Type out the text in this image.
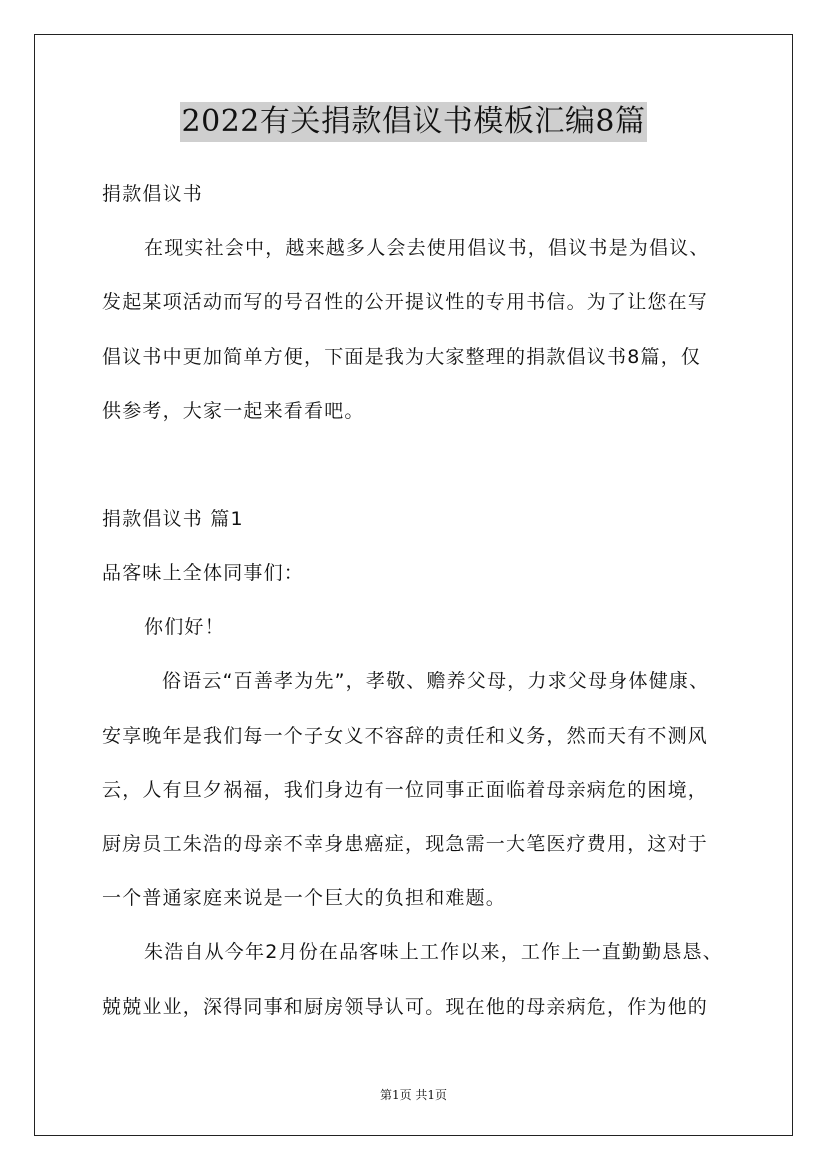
2022有关捐款倡议书模板汇编8篇
捐款倡议书
在现实社会中，越来越多人会去使用倡议书，倡议书是为倡议、
发起某项活动而写的号召性的公开提议性的专用书信。为了让您在写
倡议书中更加简单方便，下面是我为大家整理的捐款倡议书8篇，仅
供参考，大家一起来看看吧。
捐款倡议书 篇1
品客味上全体同事们：
你们好！
俗语云“百善孝为先”，孝敬、赡养父母，力求父母身体健康、
安享晚年是我们每一个子女义不容辞的责任和义务，然而天有不测风
云，人有旦夕祸福，我们身边有一位同事正面临着母亲病危的困境，
厨房员工朱浩的母亲不幸身患癌症，现急需一大笔医疗费用，这对于
一个普通家庭来说是一个巨大的负担和难题。
朱浩自从今年2月份在品客味上工作以来，工作上一直勤勤恳恳、
兢兢业业，深得同事和厨房领导认可。现在他的母亲病危，作为他的
第1页 共1页
